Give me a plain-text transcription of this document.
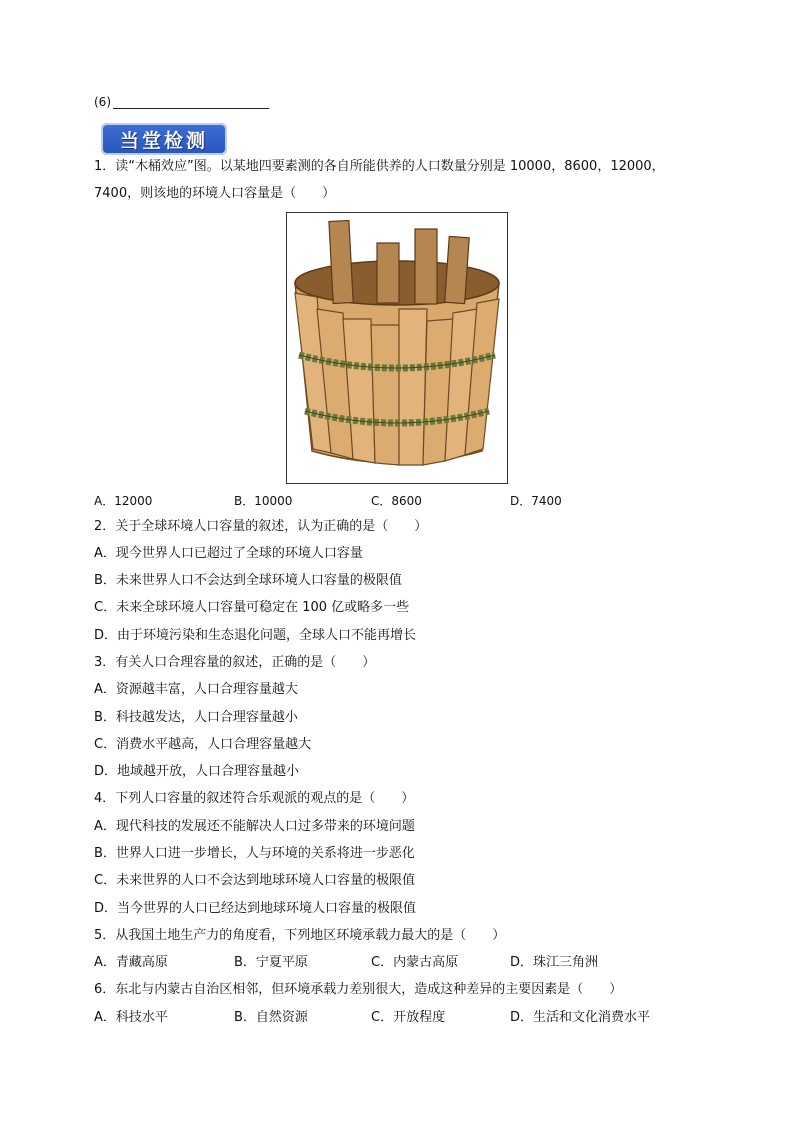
(6)
当堂检测
1．读“木桶效应”图。以某地四要素测的各自所能供养的人口数量分别是 10000，8600，12000，
7400，则该地的环境人口容量是（　　）
A．12000	B．10000	C．8600	D．7400
2．关于全球环境人口容量的叙述，认为正确的是（　　）
A．现今世界人口已超过了全球的环境人口容量
B．未来世界人口不会达到全球环境人口容量的极限值
C．未来全球环境人口容量可稳定在 100 亿或略多一些
D．由于环境污染和生态退化问题，全球人口不能再增长
3．有关人口合理容量的叙述，正确的是（　　）
A．资源越丰富，人口合理容量越大
B．科技越发达，人口合理容量越小
C．消费水平越高，人口合理容量越大
D．地域越开放，人口合理容量越小
4．下列人口容量的叙述符合乐观派的观点的是（　　）
A．现代科技的发展还不能解决人口过多带来的环境问题
B．世界人口进一步增长，人与环境的关系将进一步恶化
C．未来世界的人口不会达到地球环境人口容量的极限值
D．当今世界的人口已经达到地球环境人口容量的极限值
5．从我国土地生产力的角度看，下列地区环境承载力最大的是（　　）
A．青藏高原	B．宁夏平原	C．内蒙古高原	D．珠江三角洲
6．东北与内蒙古自治区相邻，但环境承载力差别很大，造成这种差异的主要因素是（　　）
A．科技水平	B．自然资源	C．开放程度	D．生活和文化消费水平
